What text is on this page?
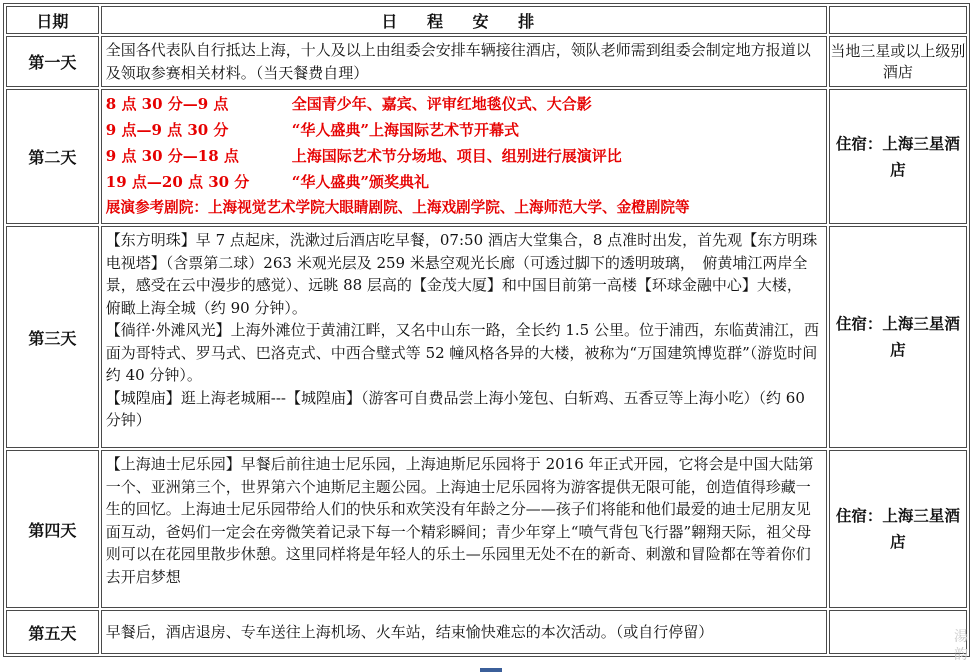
日期	日 程 安 排	
第一天	全国各代表队自行抵达上海，十人及以上由组委会安排车辆接往酒店，领队老师需到组委会制定地方报道以及领取参赛相关材料。（当天餐费自理）	当地三星或以上级别酒店
第二天	8 点 30 分—9 点 全国青少年、嘉宾、评审红地毯仪式、大合影
9 点—9 点 30 分 “华人盛典”上海国际艺术节开幕式
9 点 30 分—18 点 上海国际艺术节分场地、项目、组别进行展演评比
19 点—20 点 30 分 “华人盛典”颁奖典礼
展演参考剧院：上海视觉艺术学院大眼睛剧院、上海戏剧学院、上海师范大学、金橙剧院等	住宿：上海三星酒店
第三天	【东方明珠】早 7 点起床，洗漱过后酒店吃早餐，07:50 酒店大堂集合，8 点准时出发，首先观【东方明珠电视塔】（含票第二球）263 米观光层及 259 米悬空观光长廊（可透过脚下的透明玻璃，　俯黄埔江两岸全景，感受在云中漫步的感觉）、远眺 88 层高的【金茂大厦】和中国目前第一高楼【环球金融中心】大楼，　俯瞰上海全城（约 90 分钟）。
【徜徉·外滩风光】上海外滩位于黄浦江畔，又名中山东一路，全长约 1.5 公里。位于浦西，东临黄浦江，西面为哥特式、罗马式、巴洛克式、中西合璧式等 52 幢风格各异的大楼，被称为“万国建筑博览群”（游览时间约 40 分钟）。
【城隍庙】逛上海老城厢---【城隍庙】（游客可自费品尝上海小笼包、白斩鸡、五香豆等上海小吃）（约 60 分钟）	住宿：上海三星酒店
第四天	【上海迪士尼乐园】早餐后前往迪士尼乐园，上海迪斯尼乐园将于 2016 年正式开园，它将会是中国大陆第一个、亚洲第三个，世界第六个迪斯尼主题公园。上海迪士尼乐园将为游客提供无限可能，创造值得珍藏一生的回忆。上海迪士尼乐园带给人们的快乐和欢笑没有年龄之分——孩子们将能和他们最爱的迪士尼朋友见面互动，爸妈们一定会在旁微笑着记录下每一个精彩瞬间；青少年穿上“喷气背包飞行器”翱翔天际，祖父母则可以在花园里散步休憩。这里同样将是年轻人的乐土—乐园里无处不在的新奇、刺激和冒险都在等着你们去开启梦想	住宿：上海三星酒店
第五天	早餐后，酒店退房、专车送往上海机场、火车站，结束愉快难忘的本次活动。（或自行停留）		湯
韵
